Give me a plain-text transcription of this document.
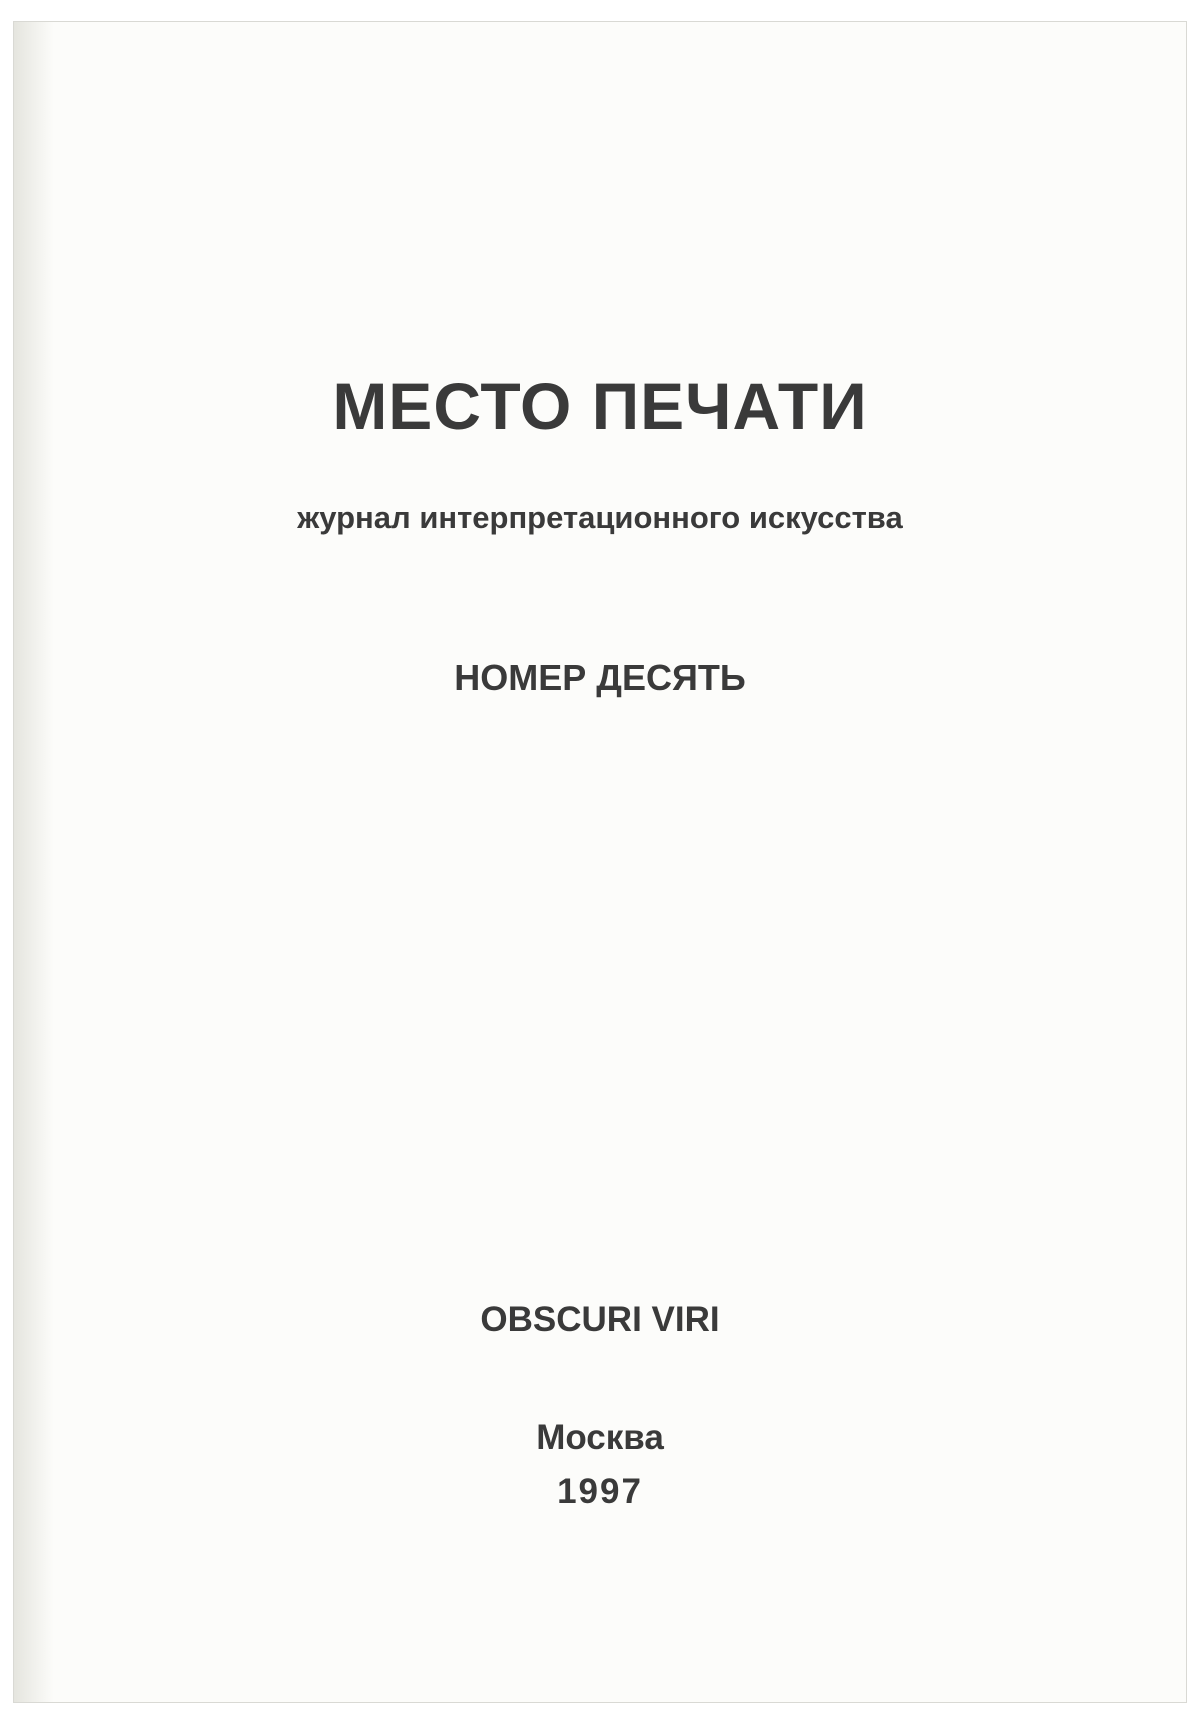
МЕСТО ПЕЧАТИ
журнал интерпретационного искусства
НОМЕР ДЕСЯТЬ
OBSCURI VIRI
Москва
1997
